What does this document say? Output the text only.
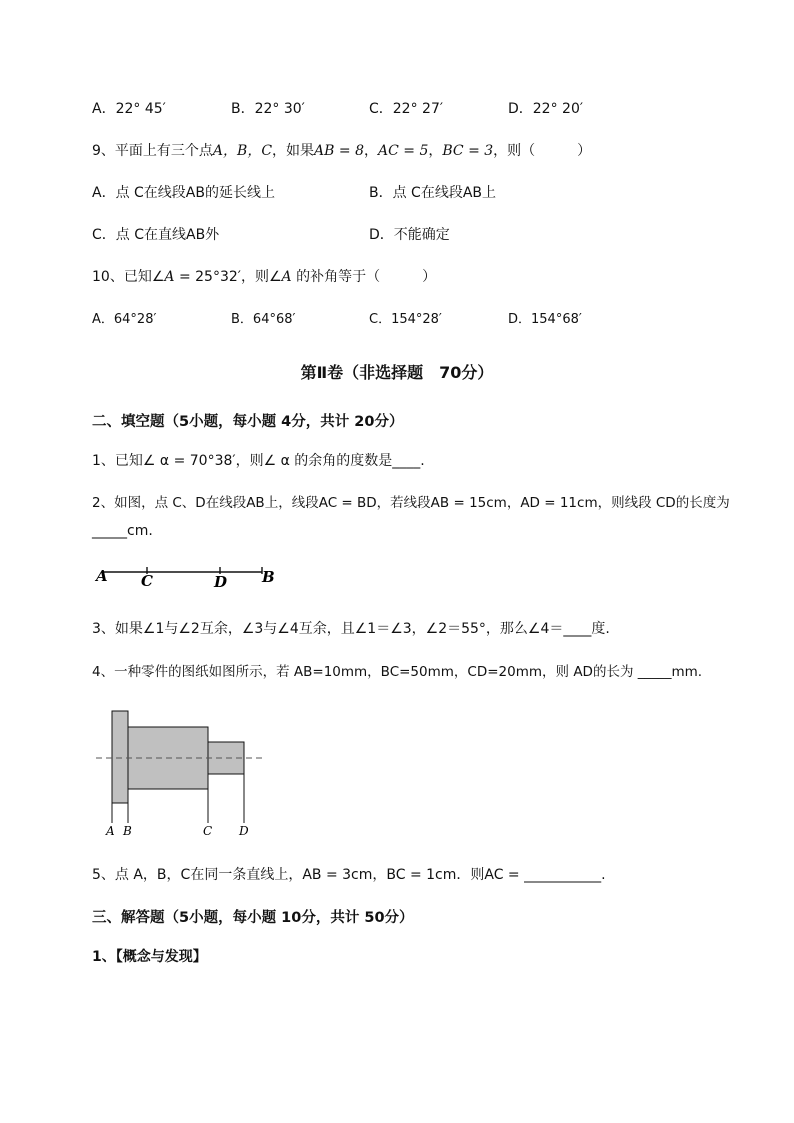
A．22° 45′	B．22° 30′	C．22° 27′	D．22° 20′
9、平面上有三个点A，B，C，如果AB = 8，AC = 5，BC = 3，则（　　　）
A．点 C在线段AB的延长线上	B．点 C在线段AB上
C．点 C在直线AB外	D．不能确定
10、已知∠A = 25°32′，则∠A 的补角等于（　　　）
A．64°28′	B．64°68′	C．154°28′	D．154°68′
第Ⅱ卷（非选择题　70分）
二、填空题（5小题，每小题 4分，共计 20分）
1、已知∠ α = 70°38′，则∠ α 的余角的度数是____.
2、如图，点 C、D在线段AB上，线段AC = BD，若线段AB = 15cm，AD = 11cm，则线段 CD的长度为
_____cm.
A C	D B
3、如果∠1与∠2互余，∠3与∠4互余，且∠1＝∠3，∠2＝55°，那么∠4＝____度.
4、一种零件的图纸如图所示，若 AB=10mm，BC=50mm，CD=20mm，则 AD的长为 _____mm.
A B	C D
5、点 A，B，C在同一条直线上，AB = 3cm，BC = 1cm．则AC = ___________.
三、解答题（5小题，每小题 10分，共计 50分）
1、【概念与发现】
